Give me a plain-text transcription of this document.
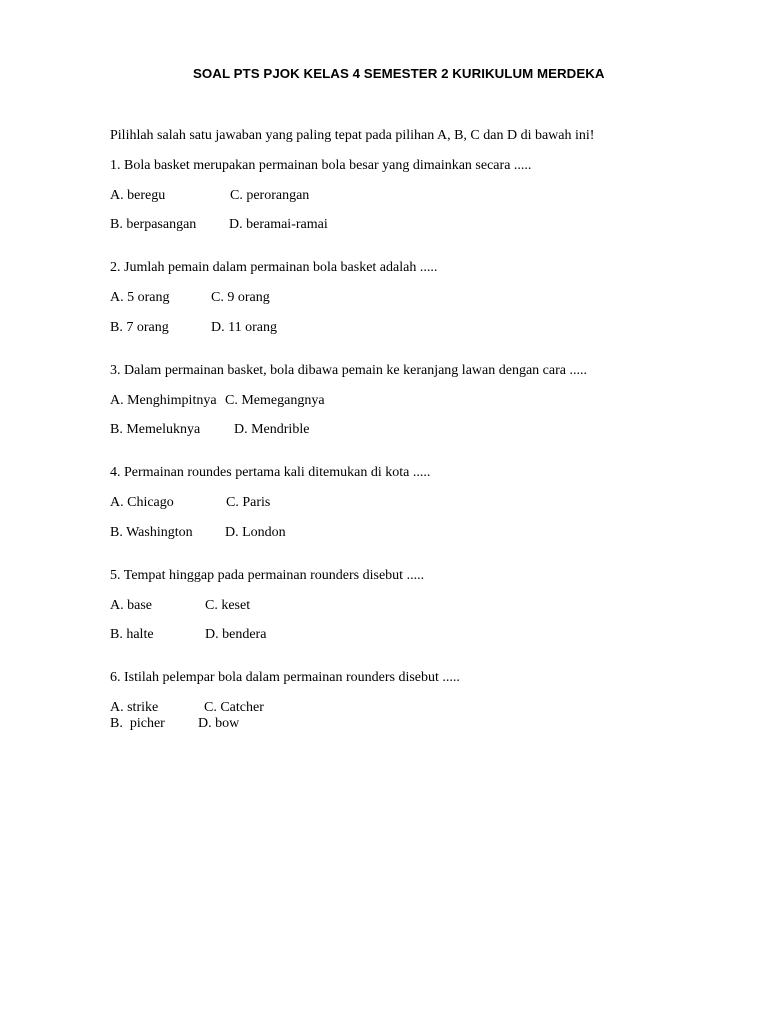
SOAL PTS PJOK KELAS 4 SEMESTER 2 KURIKULUM MERDEKA
Pilihlah salah satu jawaban yang paling tepat pada pilihan A, B, C dan D di bawah ini!
1. Bola basket merupakan permainan bola besar yang dimainkan secara .....
A. beregu	C. perorangan
B. berpasangan D. beramai-ramai
2. Jumlah pemain dalam permainan bola basket adalah .....
A. 5 orang	C. 9 orang
B. 7 orang	D. 11 orang
3. Dalam permainan basket, bola dibawa pemain ke keranjang lawan dengan cara .....
A. Menghimpitnya C. Memegangnya
B. Memeluknya D. Mendrible
4. Permainan roundes pertama kali ditemukan di kota .....
A. Chicago	C. Paris
B. Washington D. London
5. Tempat hinggap pada permainan rounders disebut .....
A. base	C. keset
B. halte	D. bendera
6. Istilah pelempar bola dalam permainan rounders disebut .....
A. strike	C. Catcher
B.  picher D. bow
